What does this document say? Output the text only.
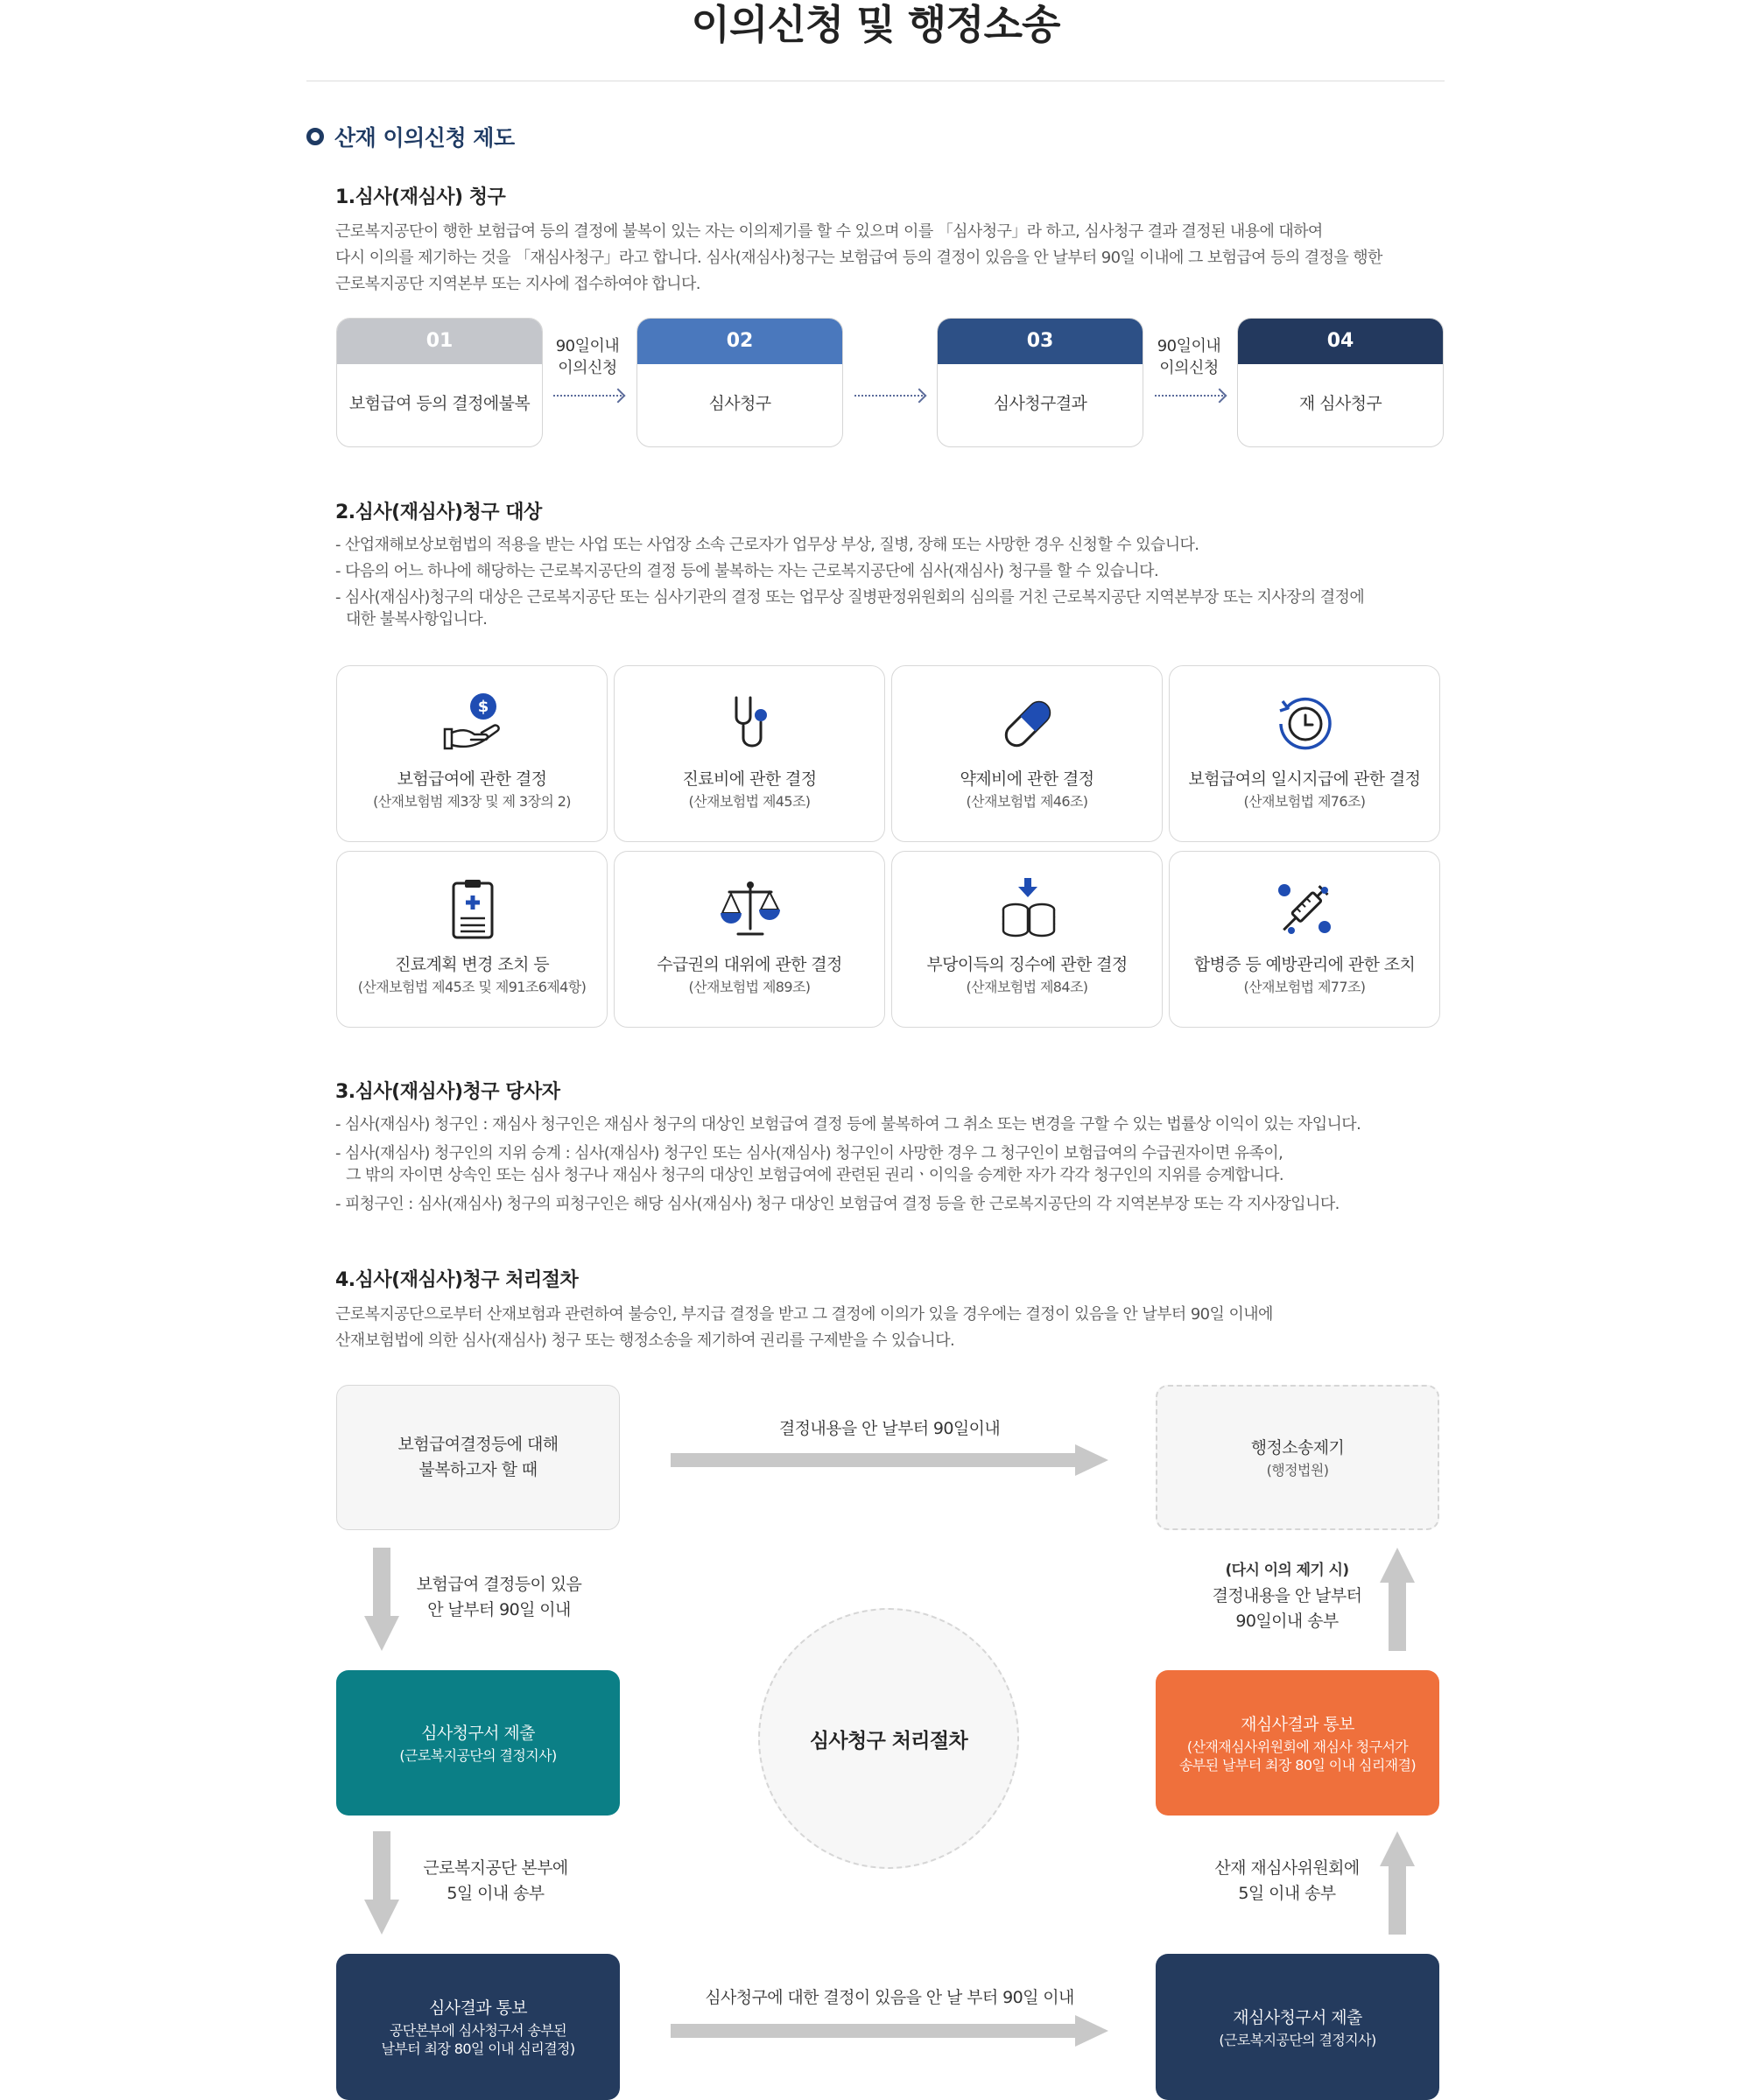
이의신청 및 행정소송
산재 이의신청 제도
1.심사(재심사) 청구
근로복지공단이 행한 보험급여 등의 결정에 불복이 있는 자는 이의제기를 할 수 있으며 이를 「심사청구」라 하고, 심사청구 결과 결정된 내용에 대하여
다시 이의를 제기하는 것을 「재심사청구」라고 합니다. 심사(재심사)청구는 보험급여 등의 결정이 있음을 안 날부터 90일 이내에 그 보험급여 등의 결정을 행한
근로복지공단 지역본부 또는 지사에 접수하여야 합니다.
01
보험급여 등의 결정에불복
90일이내
이의신청
02
심사청구
03
심사청구결과
90일이내
이의신청
04
재 심사청구
2.심사(재심사)청구 대상
- 산업재해보상보험법의 적용을 받는 사업 또는 사업장 소속 근로자가 업무상 부상, 질병, 장해 또는 사망한 경우 신청할 수 있습니다.
- 다음의 어느 하나에 해당하는 근로복지공단의 결정 등에 불복하는 자는 근로복지공단에 심사(재심사) 청구를 할 수 있습니다.
- 심사(재심사)청구의 대상은 근로복지공단 또는 심사기관의 결정 또는 업무상 질병판정위원회의 심의를 거친 근로복지공단 지역본부장 또는 지사장의 결정에
대한 불복사항입니다.
$
보험급여에 관한 결정
(산재보험범 제3장 및 제 3장의 2)
진료비에 관한 결정
(산재보험법 제45조)
약제비에 관한 결정
(산재보험법 제46조)
보험급여의 일시지급에 관한 결정
(산재보험법 제76조)
진료계획 변경 조치 등
(산재보험법 제45조 및 제91조6제4항)
수급권의 대위에 관한 결정
(산재보험법 제89조)
부당이득의 징수에 관한 결정
(산재보험법 제84조)
합병증 등 예방관리에 관한 조치
(산재보험법 제77조)
3.심사(재심사)청구 당사자
- 심사(재심사) 청구인 : 재심사 청구인은 재심사 청구의 대상인 보험급여 결정 등에 불복하여 그 취소 또는 변경을 구할 수 있는 법률상 이익이 있는 자입니다.
- 심사(재심사) 청구인의 지위 승계 : 심사(재심사) 청구인 또는 심사(재심사) 청구인이 사망한 경우 그 청구인이 보험급여의 수급권자이면 유족이,
그 밖의 자이면 상속인 또는 심사 청구나 재심사 청구의 대상인 보험급여에 관련된 권리ㆍ이익을 승계한 자가 각각 청구인의 지위를 승계합니다.
- 피청구인 : 심사(재심사) 청구의 피청구인은 해당 심사(재심사) 청구 대상인 보험급여 결정 등을 한 근로복지공단의 각 지역본부장 또는 각 지사장입니다.
4.심사(재심사)청구 처리절차
근로복지공단으로부터 산재보험과 관련하여 불승인, 부지급 결정을 받고 그 결정에 이의가 있을 경우에는 결정이 있음을 안 날부터 90일 이내에
산재보험법에 의한 심사(재심사) 청구 또는 행정소송을 제기하여 권리를 구제받을 수 있습니다.
보험급여결정등에 대해
불복하고자 할 때
결정내용을 안 날부터 90일이내
행정소송제기
(행정법원)
보험급여 결정등이 있음
안 날부터 90일 이내
(다시 이의 제기 시)
결정내용을 안 날부터
90일이내 송부
심사청구서 제출
(근로복지공단의 결정지사)
심사청구 처리절차
재심사결과 통보
(산재재심사위원회에 재심사 청구서가
송부된 날부터 최장 80일 이내 심리재결)
근로복지공단 본부에
5일 이내 송부
산재 재심사위원회에
5일 이내 송부
심사결과 통보
공단본부에 심사청구서 송부된
날부터 최장 80일 이내 심리결정)
심사청구에 대한 결정이 있음을 안 날 부터 90일 이내
재심사청구서 제출
(근로복지공단의 결정지사)
